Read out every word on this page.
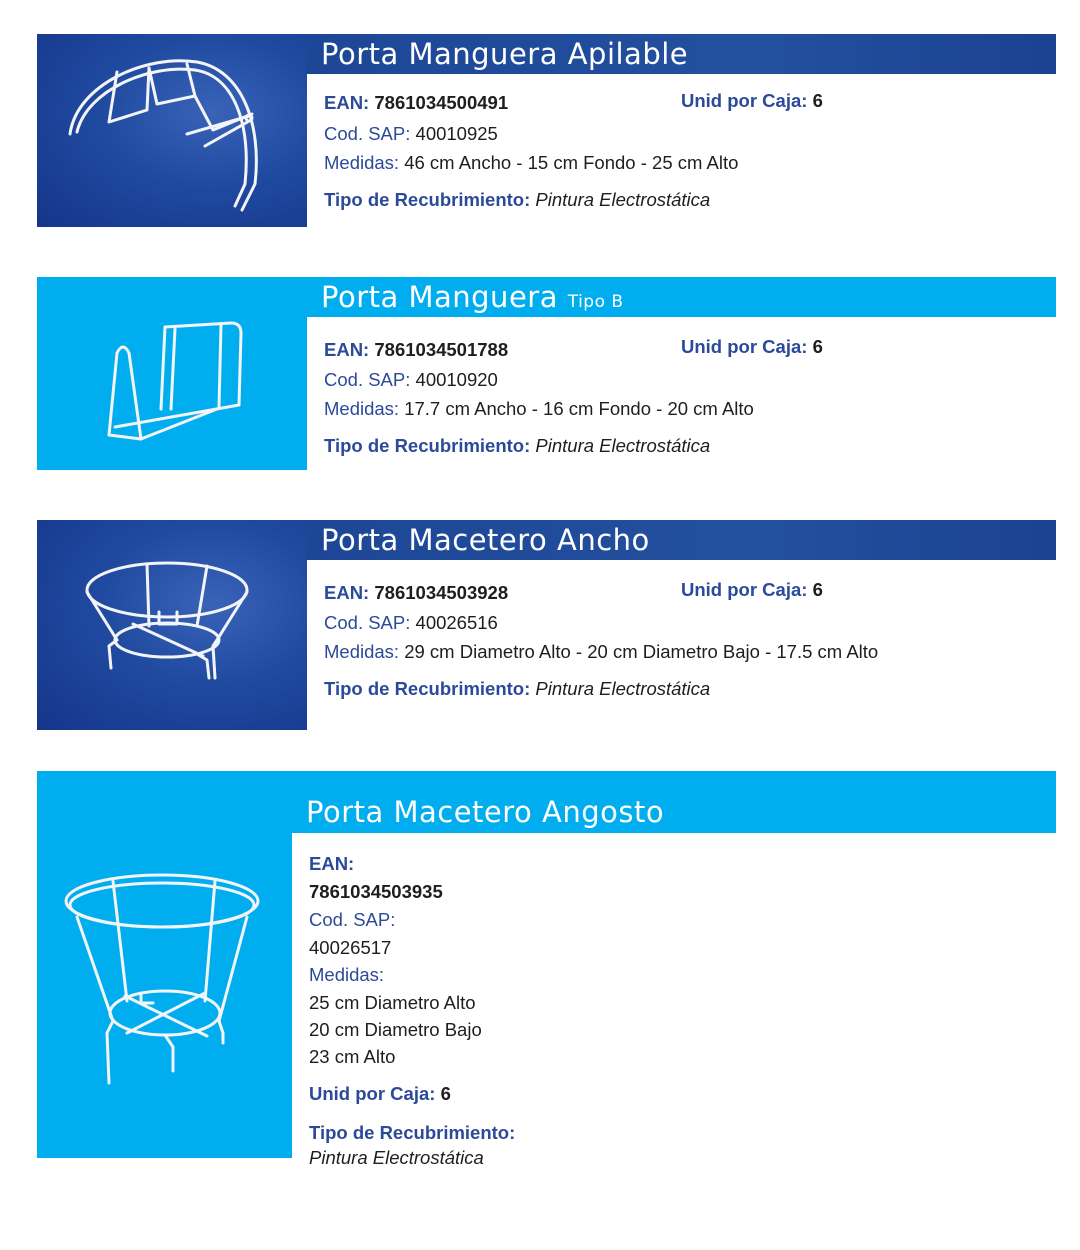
Porta Manguera Apilable
EAN: 7861034500491	Unid por Caja: 6
Cod. SAP: 40010925
Medidas: 46 cm Ancho - 15 cm Fondo - 25 cm Alto
Tipo de Recubrimiento: Pintura Electrostática
Porta Manguera Tipo B
EAN: 7861034501788	Unid por Caja: 6
Cod. SAP: 40010920
Medidas: 17.7 cm Ancho - 16 cm Fondo - 20 cm Alto
Tipo de Recubrimiento: Pintura Electrostática
Porta Macetero Ancho
EAN: 7861034503928	Unid por Caja: 6
Cod. SAP: 40026516
Medidas: 29 cm Diametro Alto - 20 cm Diametro Bajo - 17.5 cm Alto
Tipo de Recubrimiento: Pintura Electrostática
Porta Macetero Angosto
EAN:
7861034503935
Cod. SAP:
40026517
Medidas:
25 cm Diametro Alto
20 cm Diametro Bajo
23 cm Alto
Unid por Caja: 6
Tipo de Recubrimiento:
Pintura Electrostática
